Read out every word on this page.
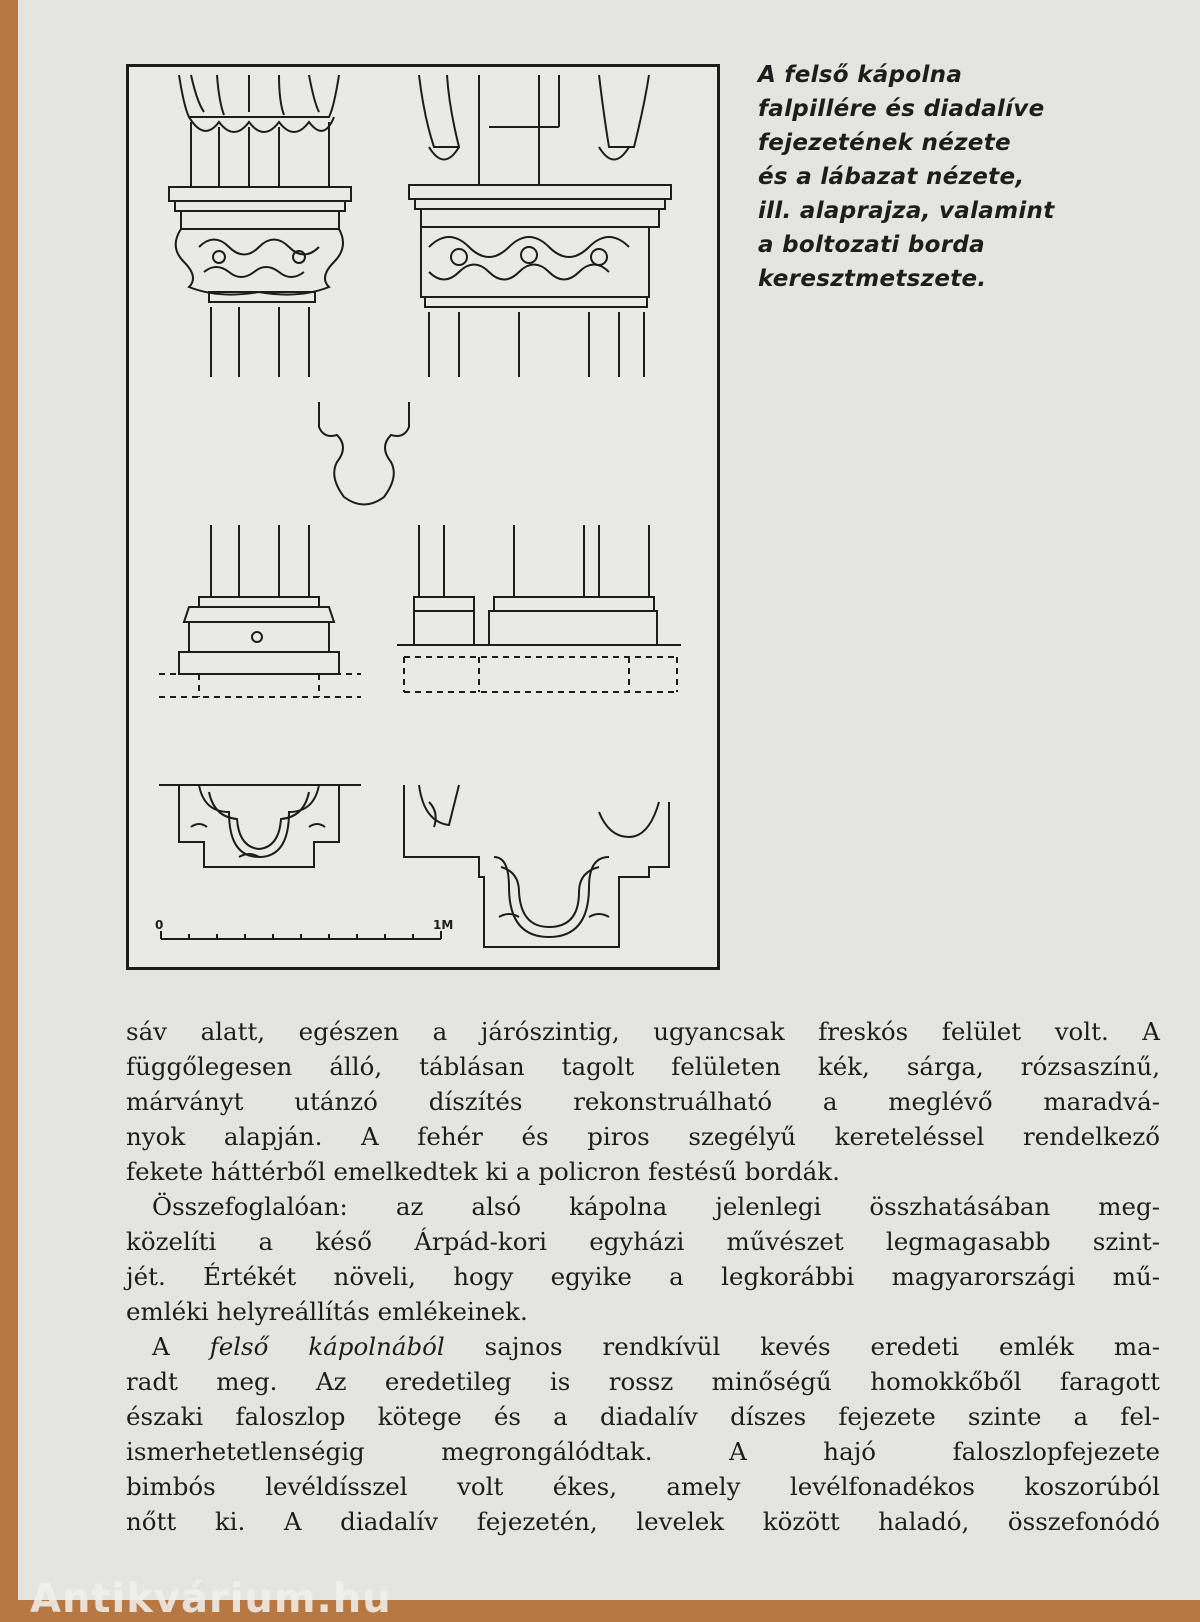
0	1M
A felső kápolna
falpillére és diadalíve
fejezetének nézete
és a lábazat nézete,
ill. alaprajza, valamint
a boltozati borda
keresztmetszete.
sáv alatt, egészen a járószintig, ugyancsak freskós felület volt. A
függőlegesen álló, táblásan tagolt felületen kék, sárga, rózsaszínű,
márványt utánzó díszítés rekonstruálható a meglévő maradvá-
nyok alapján. A fehér és piros szegélyű kereteléssel rendelkező
fekete háttérből emelkedtek ki a policron festésű bordák.
Összefoglalóan: az alsó kápolna jelenlegi összhatásában meg-
közelíti a késő Árpád-kori egyházi művészet legmagasabb szint-
jét. Értékét növeli, hogy egyike a legkorábbi magyarországi mű-
emléki helyreállítás emlékeinek.
A felső kápolnából sajnos rendkívül kevés eredeti emlék ma-
radt meg. Az eredetileg is rossz minőségű homokkőből faragott
északi faloszlop kötege és a diadalív díszes fejezete szinte a fel-
ismerhetetlenségig megrongálódtak. A hajó faloszlopfejezete
bimbós levéldísszel volt ékes, amely levélfonadékos koszorúból
nőtt ki. A diadalív fejezetén, levelek között haladó, összefonódó
Antikvárium.hu
